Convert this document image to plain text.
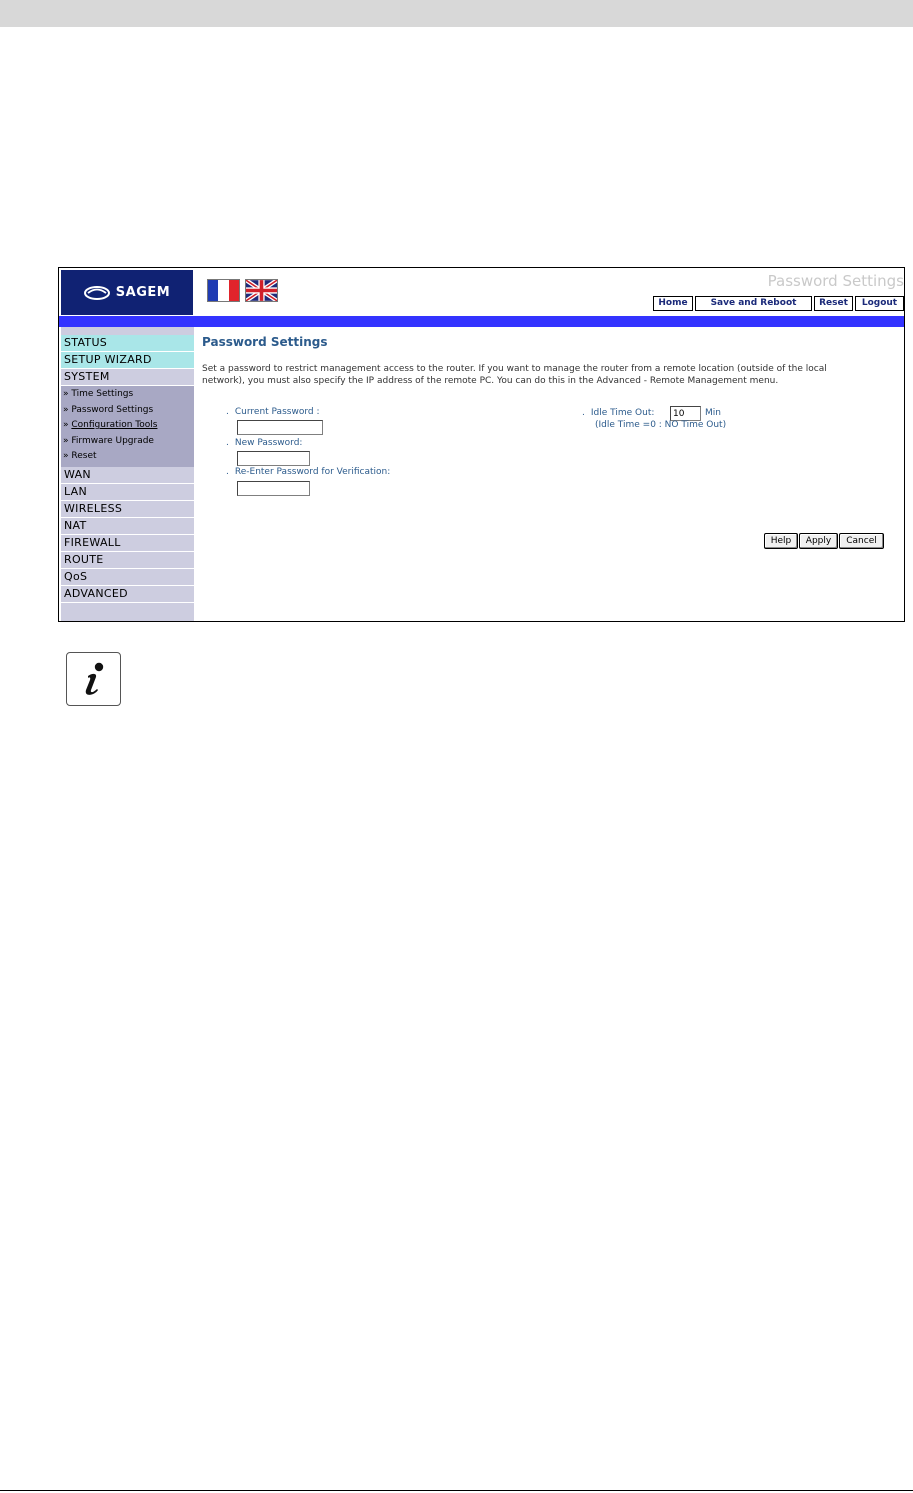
SAGEM
Password Settings
Home	Save and Reboot	Reset	Logout
STATUS
SETUP WIZARD
SYSTEM
» Time Settings
» Password Settings
» Configuration Tools
» Firmware Upgrade
» Reset
WAN
LAN
WIRELESS
NAT
FIREWALL
ROUTE
QoS
ADVANCED
Password Settings
Set a password to restrict management access to the router. If you want to manage the router from a remote location (outside of the local network), you must also specify the IP address of the remote PC. You can do this in the Advanced - Remote Management menu.
. Current Password :
. New Password:
. Re-Enter Password for Verification:
. Idle Time Out:
10	Min
(Idle Time =0 : NO Time Out)
Help	Apply	Cancel
